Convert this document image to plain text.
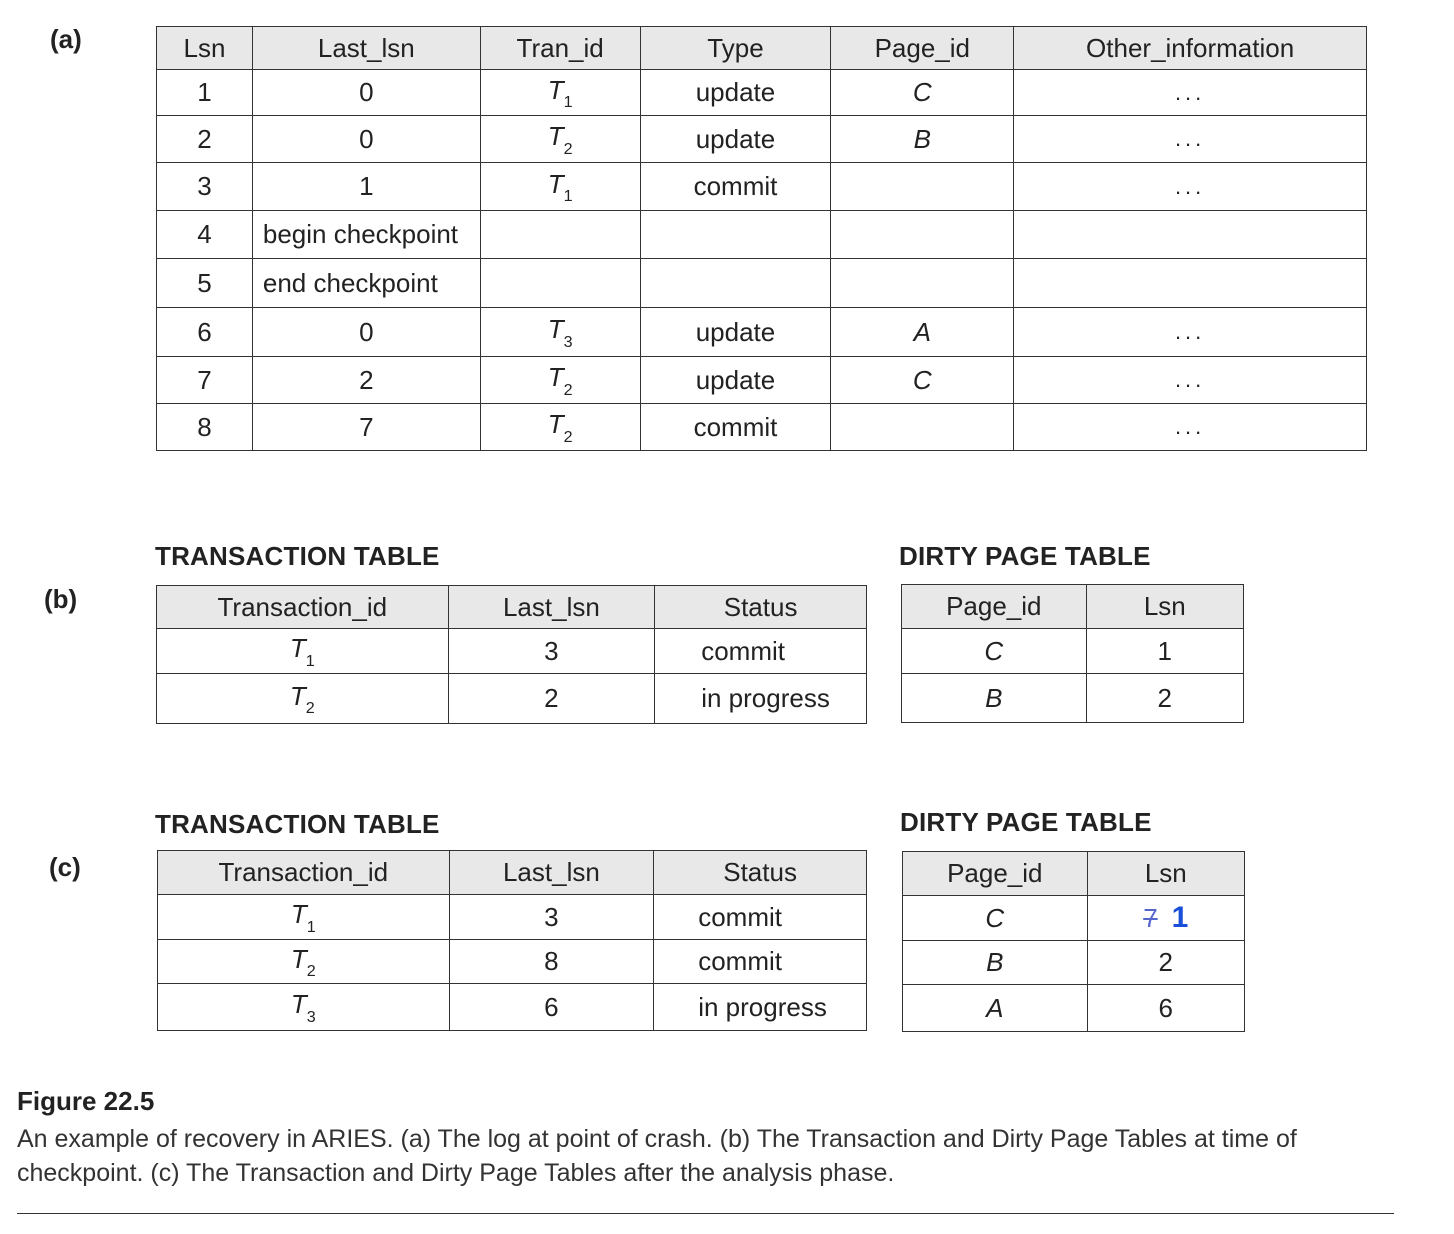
(a)	Lsn	Last_lsn	Tran_id	Type	Page_id	Other_information
1	0	$T_1$	update	C	...
2	0	$T_2$	update	B	...
3	1	$T_1$	commit		...
4	begin checkpoint				
5	end checkpoint				
6	0	$T_3$	update	A	...
7	2	$T_2$	update	C	...
8	7	$T_2$	commit		...
TRANSACTION TABLE	DIRTY PAGE TABLE
(b)	Transaction_id	Last_lsn	Status
$T_1$	3	commit
$T_2$	2	in progress
Page_id	Lsn
C	1
B	2
TRANSACTION TABLE	DIRTY PAGE TABLE
(c)	Transaction_id	Last_lsn	Status
$T_1$	3	commit
$T_2$	8	commit
$T_3$	6	in progress
Page_id	Lsn
C	7 1
B	2
A	6
Figure 22.5
An example of recovery in ARIES. (a) The log at point of crash. (b) The Transaction and Dirty Page Tables at time of checkpoint. (c) The Transaction and Dirty Page Tables after the analysis phase.
